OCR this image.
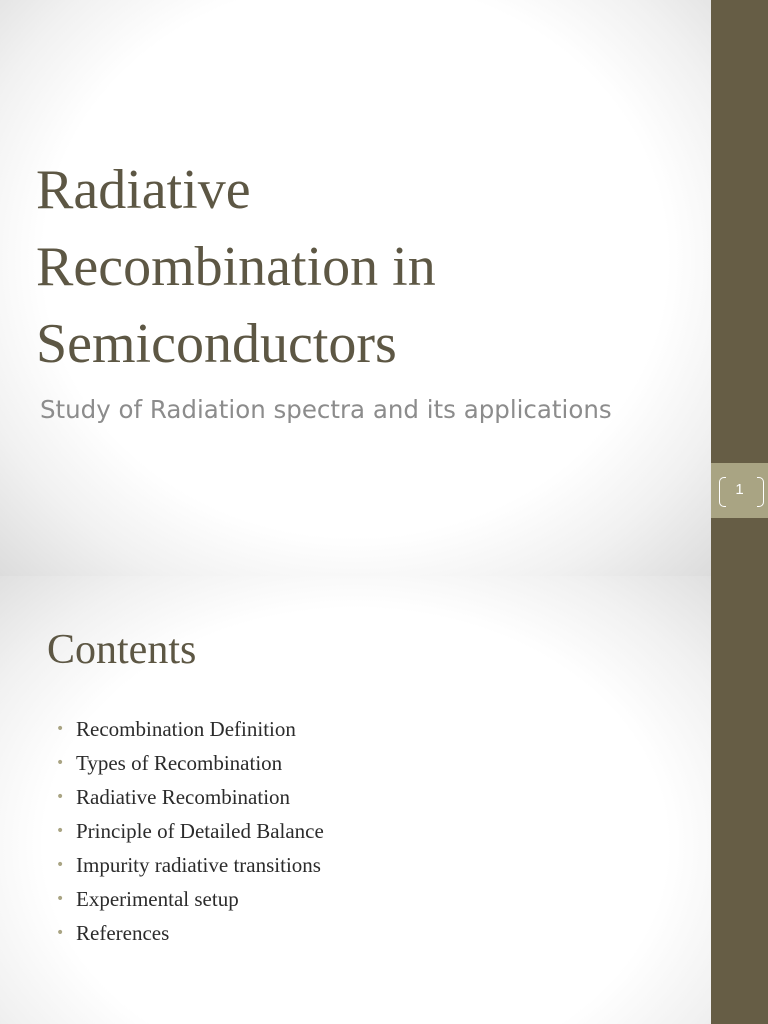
Radiative
Recombination in
Semiconductors

Study of Radiation spectra and its applications

Contents
• Recombination Definition
• Types of Recombination
• Radiative Recombination
• Principle of Detailed Balance
• Impurity radiative transitions
• Experimental setup
• References
1
